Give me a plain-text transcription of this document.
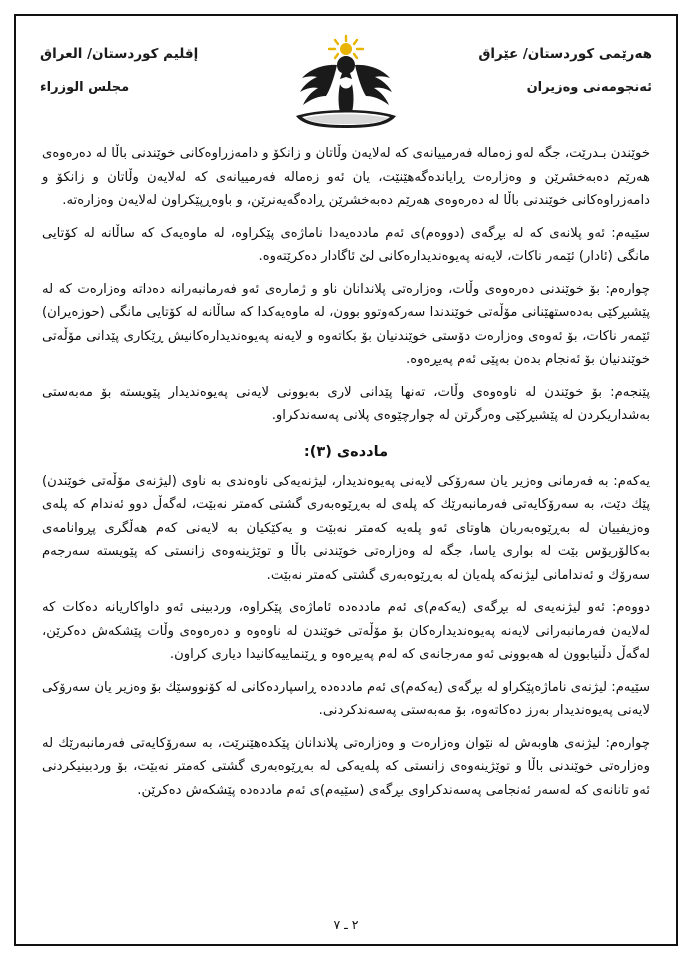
هەرێمی كوردستان/ عێراق
ئەنجومەنی وەزیران
إقليم كوردستان/ العراق
مجلس الوزراء

خوێندن بـدرێت، جگه لەو زەمالە فەرمییانەی كە لەلایەن وڵاتان و زانكۆ و دامەزراوەكانی خوێندنی باڵا لە دەرەوەی هەرێم دەبەخشرێن و وەزارەت ڕایاندەگەهێنێت، یان ئەو زەمالە فەرمییانەی كە لەلایەن وڵاتان و زانكۆ و دامەزراوەكانی خوێندنی باڵا لە دەرەوەی هەرێم دەبەخشرێن ڕادەگەیەنرێن، و باوەڕپێكراون لەلایەن وەزارەتە.

سێیەم: ئەو پلانەی كە لە بڕگەی (دووەم)ی ئەم ماددەیەدا ناماژەی پێكراوە، لە ماوەیەک كە ساڵانە لە كۆتایی مانگی (ئادار) ئێمەر ناكات، لایەنە پەیوەندیدارەكانی لێ ئاگادار دەكرێتەوە.

چوارەم: بۆ خوێندنی دەرەوەی وڵات، وەزارەتی پلاندانان ناو و ژمارەی ئەو فەرمانبەرانە دەداتە وەزارەت كە لە پێشبڕكێی بەدەستهێنانی مۆڵەتی خوێندندا سەركەوتوو بوون، لە ماوەیەكدا كە ساڵانە لە كۆتایی مانگی (حوزەیران) ئێمەر ناكات، بۆ ئەوەی وەزارەت دۆستی خوێندنیان بۆ بكاتەوە و لایەنە پەیوەندیدارەكانیش ڕێكاری پێدانی مۆڵەتی خوێندنیان بۆ ئەنجام بدەن بەپێی ئەم پەیڕەوە.

پێنجەم: بۆ خوێندن لە ناوەوەی وڵات، تەنها پێدانی لاری بەبوونی لایەنی پەیوەندیدار پێویستە بۆ مەبەستی بەشداریكردن لە پێشبڕكێی وەرگرتن لە چوارچێوەی پلانی پەسەندكراو.

ماددەی (٣):

یەكەم: بە فەرمانی وەزیر یان سەرۆكی لایەنی پەیوەندیدار، لیژنەیەكی ناوەندی بە ناوی (لیژنەی مۆڵەتی خوێندن) پێك دێت، بە سەرۆكایەتی فەرمانبەرێك كە پلەی لە بەڕێوەبەری گشتی كەمتر نەبێت، لەگەڵ دوو ئەندام كە پلەی وەزیفییان لە بەڕێوەبەربان هاوتای ئەو پلەیە كەمتر نەبێت و یەكێكیان بە لایەنی كەم هەڵگری پڕوانامەی بەكالۆریۆس بێت لە بواری یاسا، جگە لە وەزارەتی خوێندنی باڵا و توێژینەوەی زانستی كە پێویستە سەرجەم سەرۆك و ئەندامانی لیژنەكە پلەیان لە بەڕێوەبەری گشتی كەمتر نەبێت.

دووەم: ئەو لیژنەیەی لە بڕگەی (یەكەم)ی ئەم ماددەدە ئاماژەی پێكراوە، وردبینی ئەو داواكاریانە دەكات كە لەلایەن فەرمانبەرانی لایەنە پەیوەندیدارەكان بۆ مۆڵەتی خوێندن لە ناوەوە و دەرەوەی وڵات پێشكەش دەكرێن، لەگەڵ دڵنیابوون لە هەبوونی ئەو مەرجانەی كە لەم پەیڕەوە و ڕێنماییەكانیدا دیاری كراون.

سێیەم: لیژنەی ناماژەپێكراو لە بڕگەی (یەكەم)ی ئەم ماددەدە ڕاسپاردەكانی لە كۆنووسێك بۆ وەزیر یان سەرۆكی لایەنی پەیوەندیدار بەرز دەكاتەوە، بۆ مەبەستی پەسەندكردنی.

چوارەم: لیژنەی هاوبەش لە نێوان وەزارەت و وەزارەتی پلاندانان پێكدەهێنرێت، بە سەرۆكایەتی فەرمانبەرێك لە وەزارەتی خوێندنی باڵا و توێژینەوەی زانستی كە پلەیەكی لە بەڕێوەبەری گشتی كەمتر نەبێت، بۆ وردبینیكردنی ئەو تانانەی كە لەسەر ئەنجامی پەسەندكراوی بڕگەی (سێیەم)ی ئەم ماددەدە پێشكەش دەكرێن.

٢ ـ ٧
